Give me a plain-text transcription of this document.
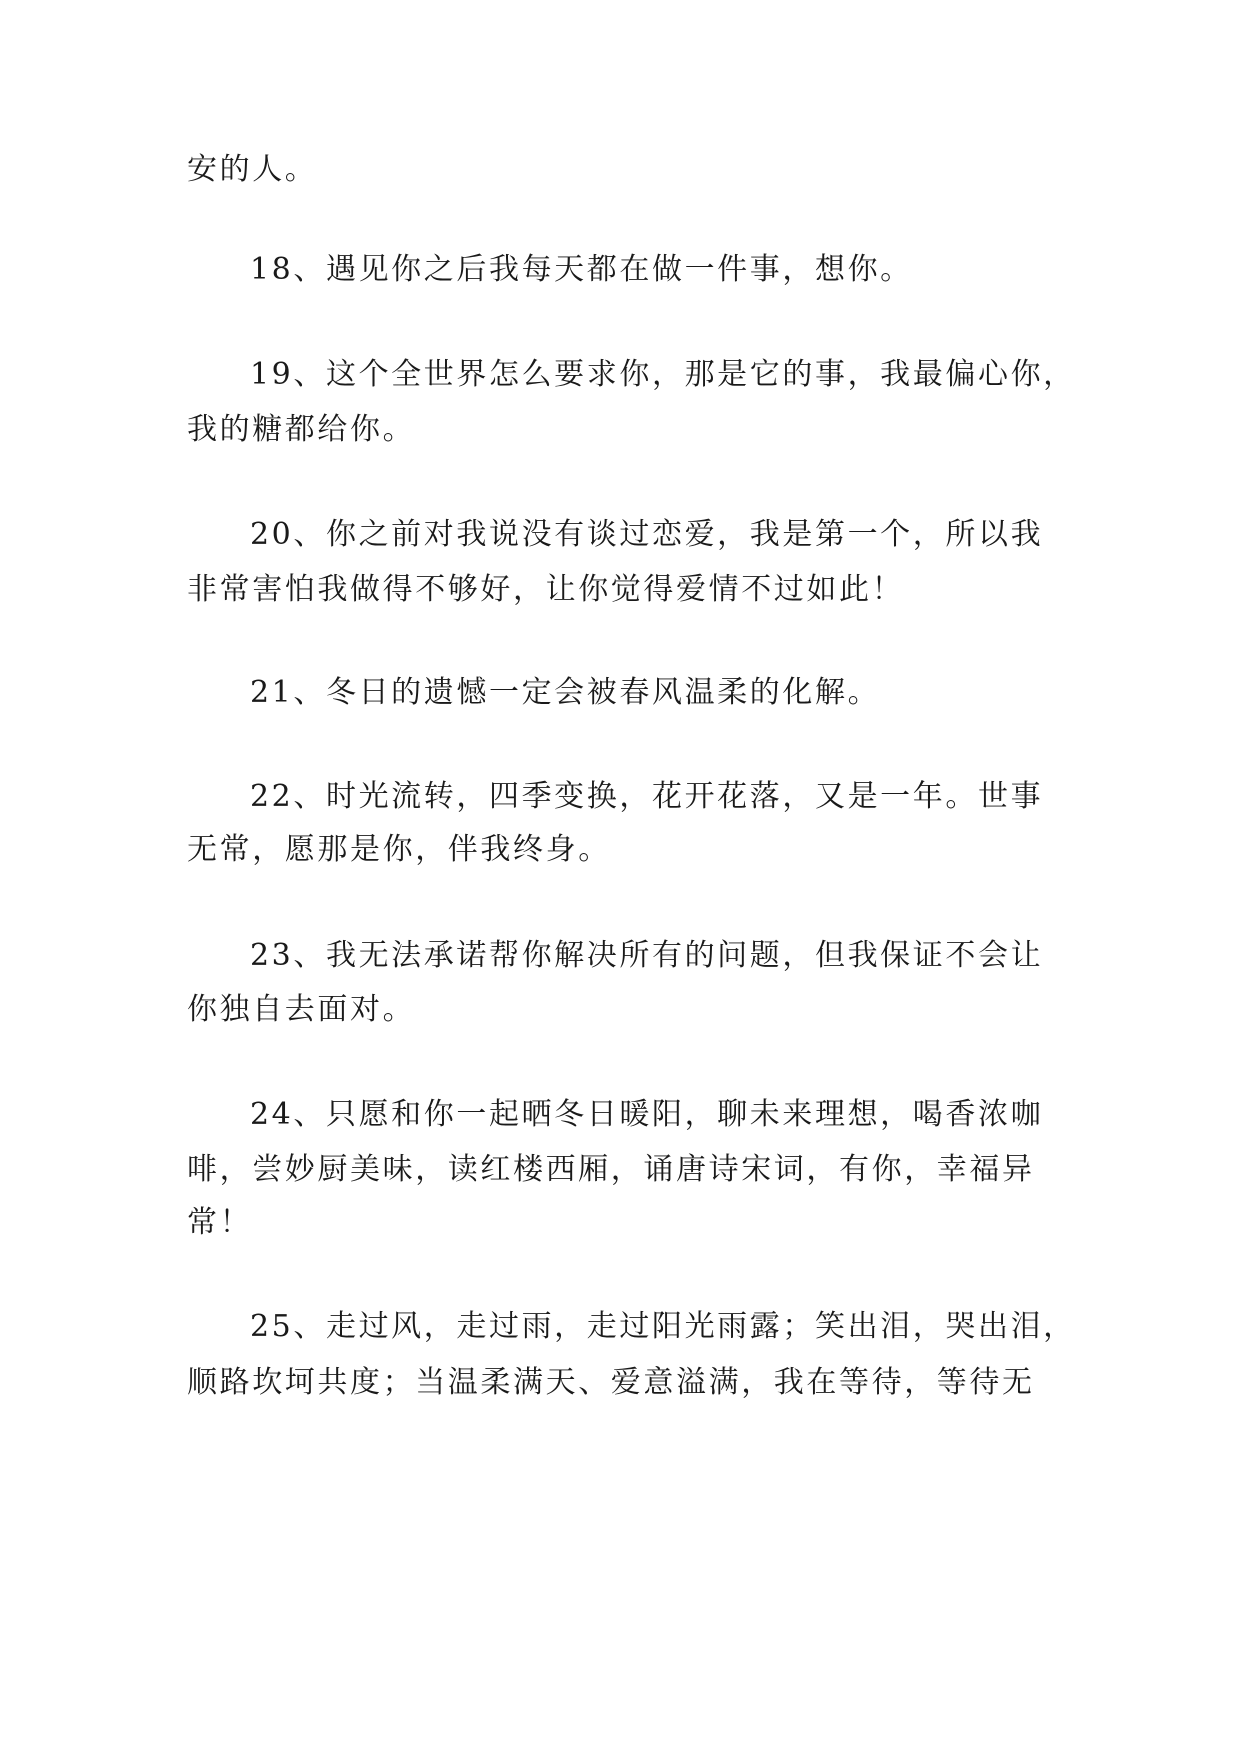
安的人。
18、遇见你之后我每天都在做一件事，想你。
19、这个全世界怎么要求你，那是它的事，我最偏心你，
我的糖都给你。
20、你之前对我说没有谈过恋爱，我是第一个，所以我
非常害怕我做得不够好，让你觉得爱情不过如此！
21、冬日的遗憾一定会被春风温柔的化解。
22、时光流转，四季变换，花开花落，又是一年。世事
无常，愿那是你，伴我终身。
23、我无法承诺帮你解决所有的问题，但我保证不会让
你独自去面对。
24、只愿和你一起晒冬日暖阳，聊未来理想，喝香浓咖
啡，尝妙厨美味，读红楼西厢，诵唐诗宋词，有你，幸福异
常！
25、走过风，走过雨，走过阳光雨露；笑出泪，哭出泪，
顺路坎坷共度；当温柔满天、爱意溢满，我在等待，等待无
